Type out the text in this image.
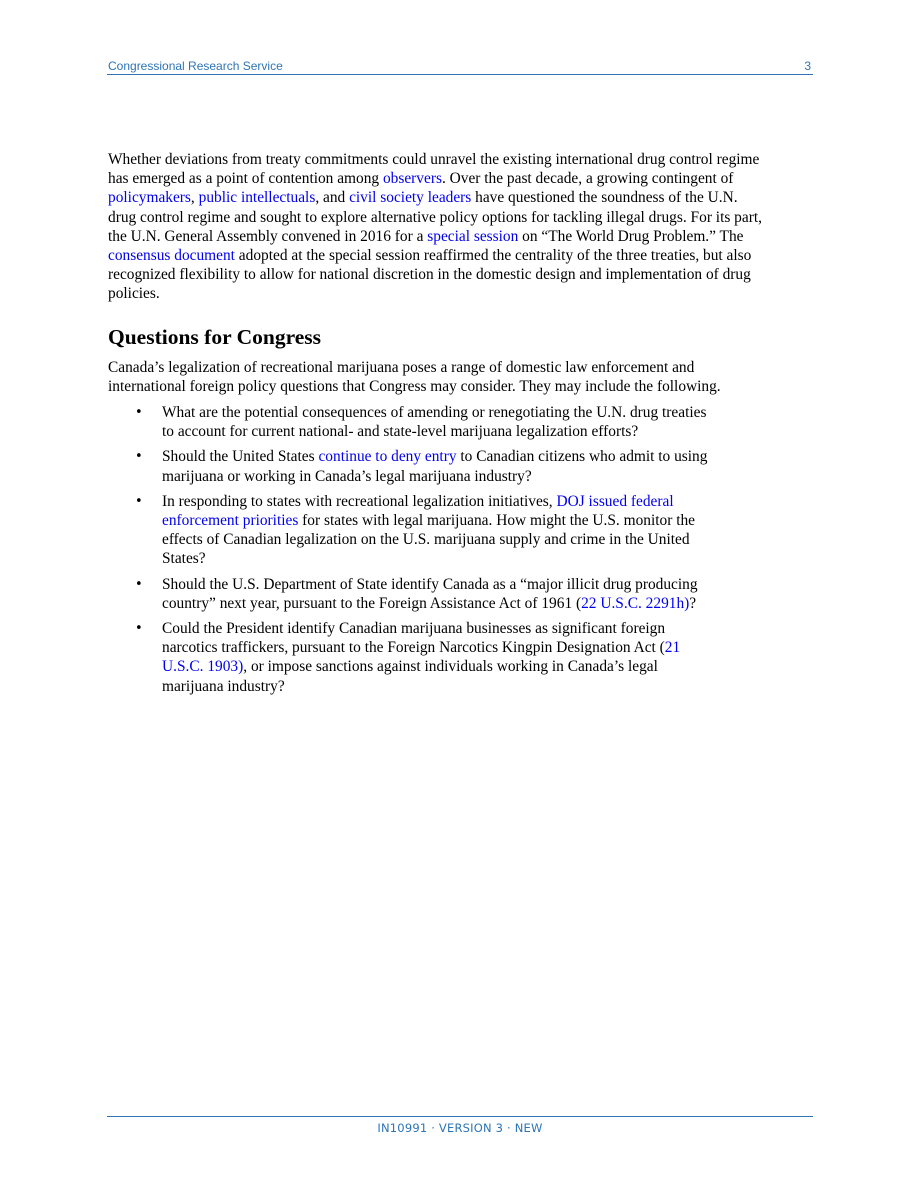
Congressional Research Service	3

Whether deviations from treaty commitments could unravel the existing international drug control regime
has emerged as a point of contention among observers. Over the past decade, a growing contingent of
policymakers, public intellectuals, and civil society leaders have questioned the soundness of the U.N.
drug control regime and sought to explore alternative policy options for tackling illegal drugs. For its part,
the U.N. General Assembly convened in 2016 for a special session on “The World Drug Problem.” The
consensus document adopted at the special session reaffirmed the centrality of the three treaties, but also
recognized flexibility to allow for national discretion in the domestic design and implementation of drug
policies.

Questions for Congress

Canada’s legalization of recreational marijuana poses a range of domestic law enforcement and
international foreign policy questions that Congress may consider. They may include the following.

• What are the potential consequences of amending or renegotiating the U.N. drug treaties
to account for current national- and state-level marijuana legalization efforts?
• Should the United States continue to deny entry to Canadian citizens who admit to using
marijuana or working in Canada’s legal marijuana industry?
• In responding to states with recreational legalization initiatives, DOJ issued federal
enforcement priorities for states with legal marijuana. How might the U.S. monitor the
effects of Canadian legalization on the U.S. marijuana supply and crime in the United
States?
• Should the U.S. Department of State identify Canada as a “major illicit drug producing
country” next year, pursuant to the Foreign Assistance Act of 1961 (22 U.S.C. 2291h)?
• Could the President identify Canadian marijuana businesses as significant foreign
narcotics traffickers, pursuant to the Foreign Narcotics Kingpin Designation Act (21
U.S.C. 1903), or impose sanctions against individuals working in Canada’s legal
marijuana industry?
IN10991 · VERSION 3 · NEW
